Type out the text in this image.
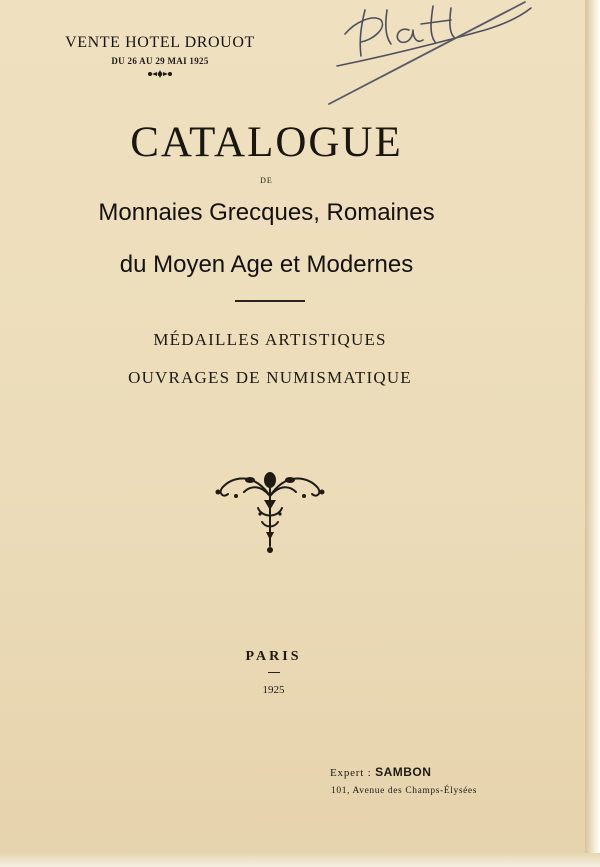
VENTE HOTEL DROUOT
DU 26 AU 29 MAI 1925
CATALOGUE
DE
Monnaies Grecques, Romaines
du Moyen Age et Modernes
MÉDAILLES ARTISTIQUES
OUVRAGES DE NUMISMATIQUE
PARIS
1925
Expert : SAMBON
101, Avenue des Champs-Élysées
